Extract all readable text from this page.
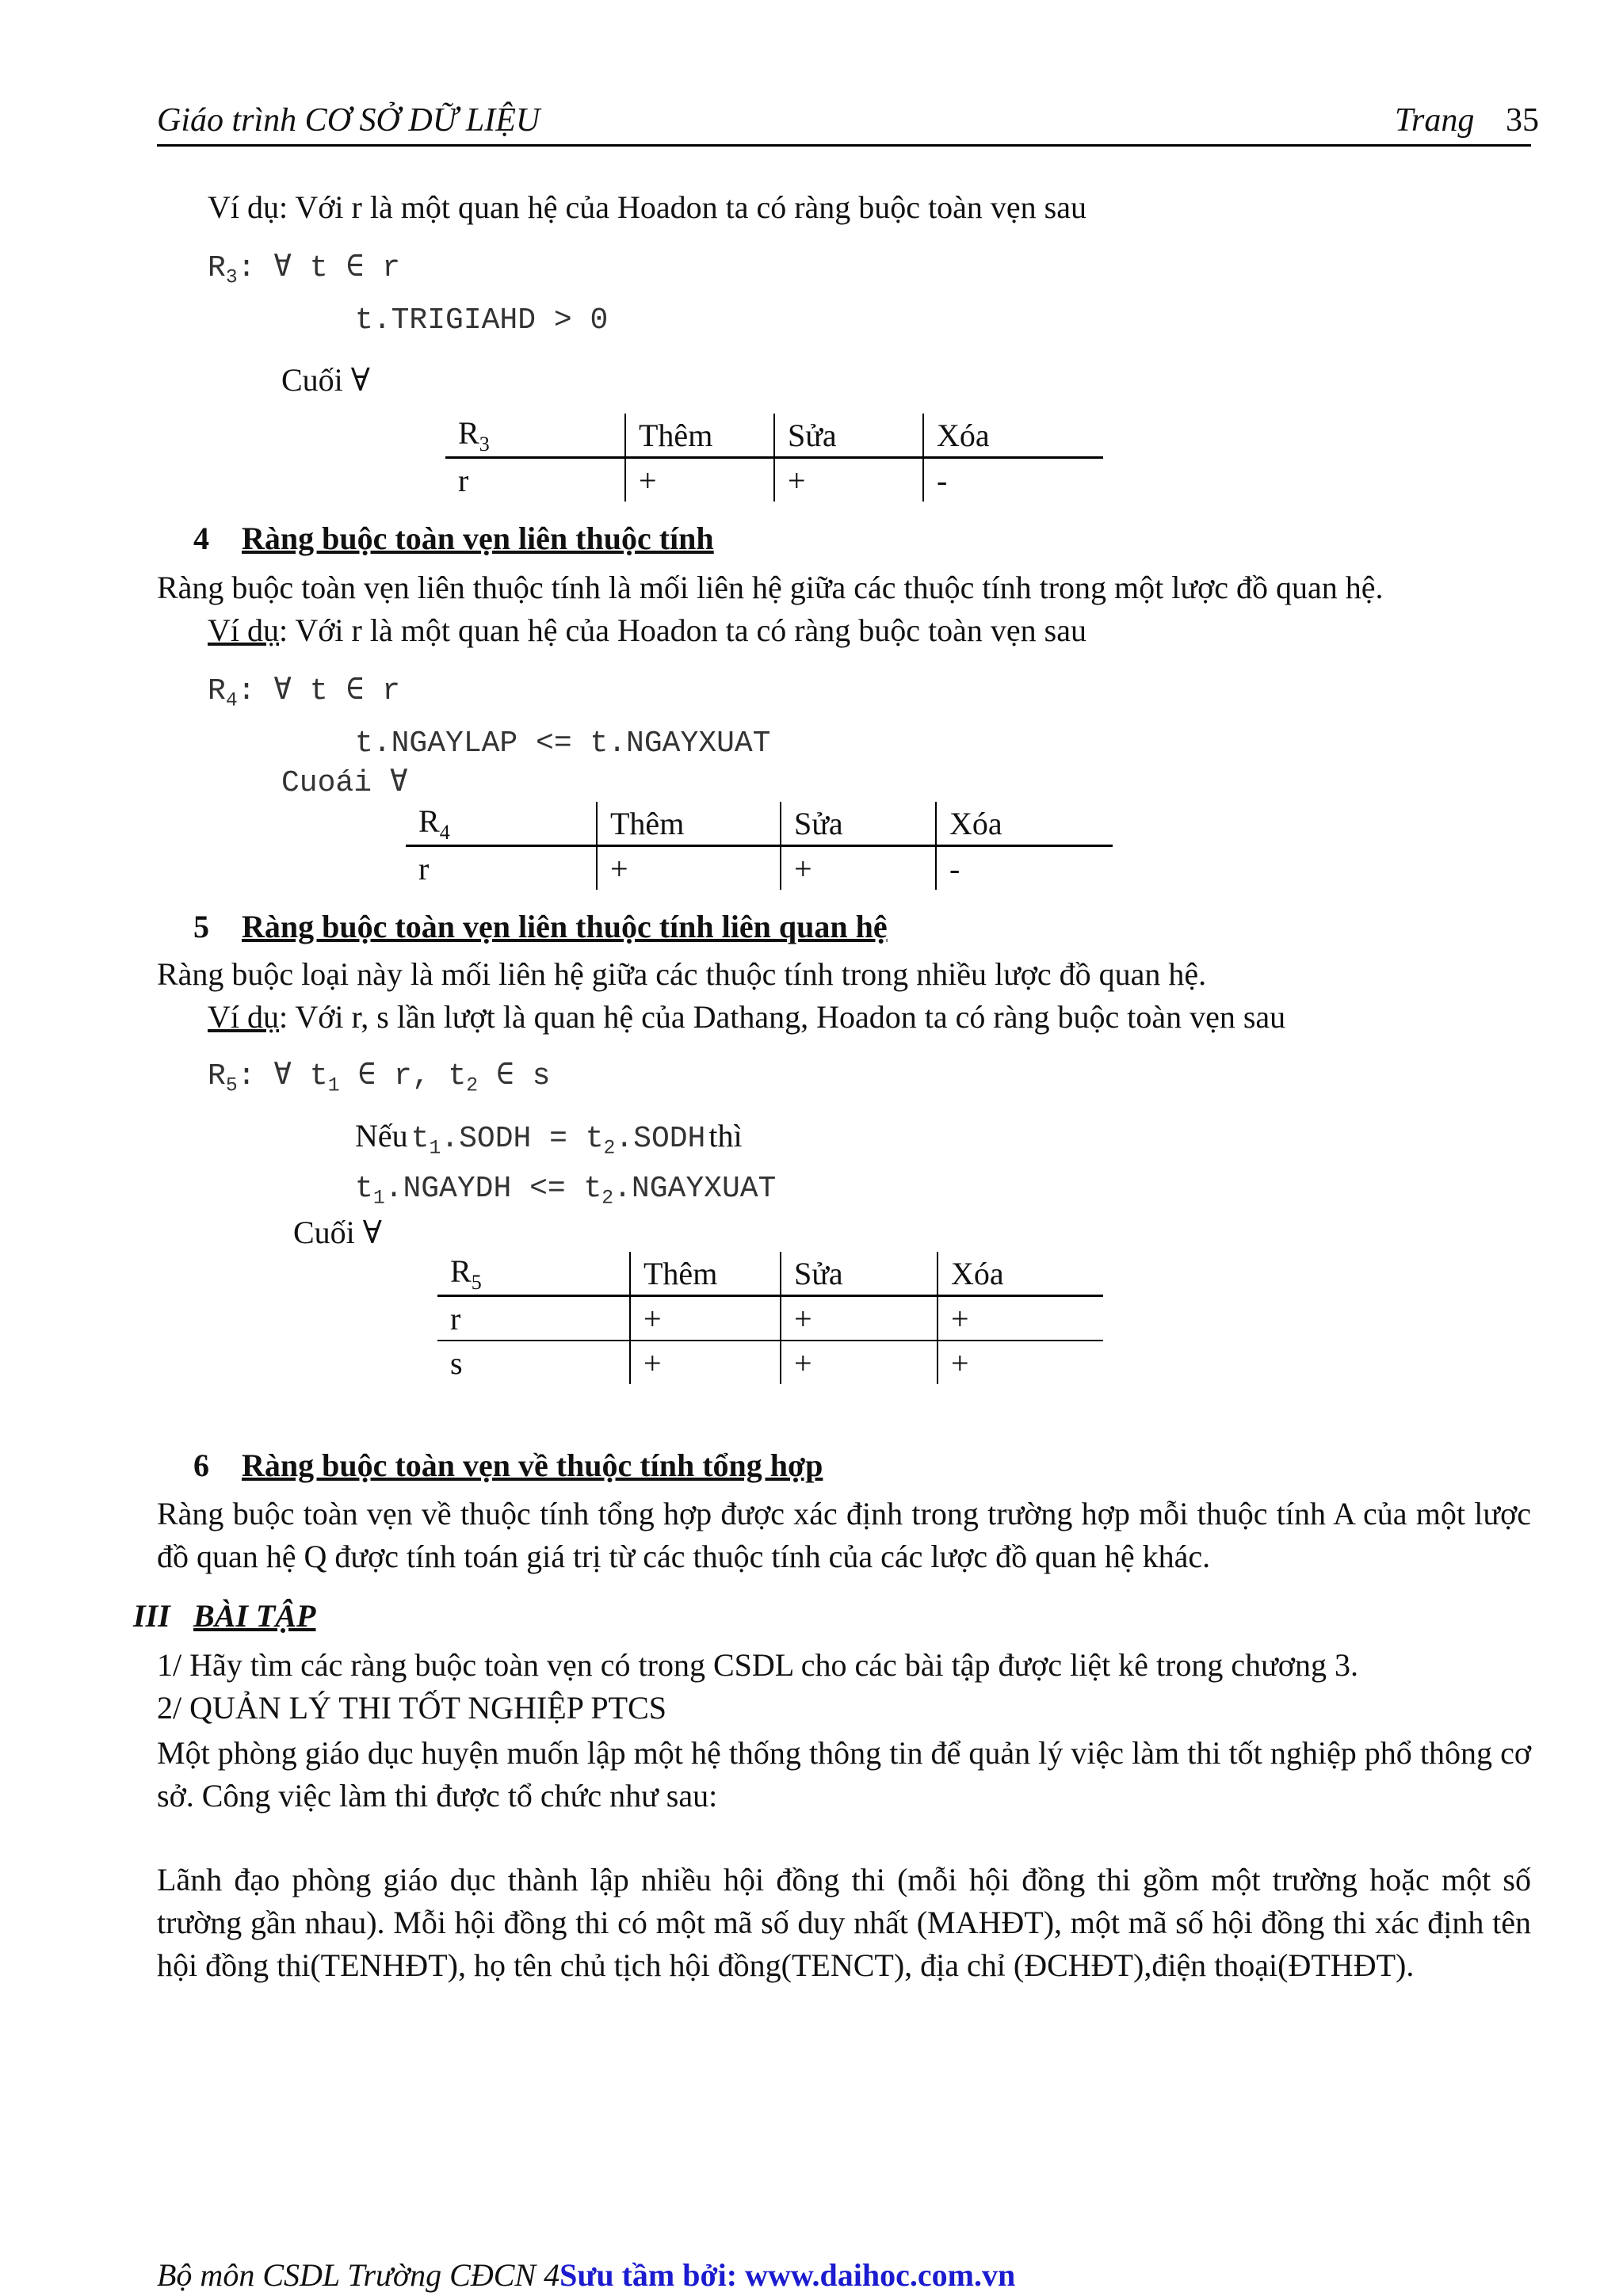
Giáo trình CƠ SỞ DỮ LIỆU	Trang 35
Ví dụ: Với r là một quan hệ của Hoadon ta có ràng buộc toàn vẹn sau
$R_3$: ∀ t ∈ r
t.TRIGIAHD > 0
Cuối ∀
$R_3$	Thêm	Sửa	Xóa
r	+	+	-
4 Ràng buộc toàn vẹn liên thuộc tính
Ràng buộc toàn vẹn liên thuộc tính là mối liên hệ giữa các thuộc tính trong một lược đồ quan hệ.
Ví dụ: Với r là một quan hệ của Hoadon ta có ràng buộc toàn vẹn sau
$R_4$: ∀ t ∈ r
t.NGAYLAP <= t.NGAYXUAT
Cuoái ∀
$R_4$	Thêm	Sửa	Xóa
r	+	+	-
5 Ràng buộc toàn vẹn liên thuộc tính liên quan hệ
Ràng buộc loại này là mối liên hệ giữa các thuộc tính trong nhiều lược đồ quan hệ.
Ví dụ: Với r, s lần lượt là quan hệ của Dathang, Hoadon ta có ràng buộc toàn vẹn sau
$R_5$: ∀ $t_1$ ∈ r, $t_2$ ∈ s
Nếu $t_1.SODH$ = $t_2.SODH$ thì
$t_1.NGAYDH$ <= $t_2.NGAYXUAT$
Cuối ∀
$R_5$	Thêm	Sửa	Xóa
r	+	+	+
s	+	+	+
6 Ràng buộc toàn vẹn về thuộc tính tổng hợp
Ràng buộc toàn vẹn về thuộc tính tổng hợp được xác định trong trường hợp mỗi thuộc tính A của một lược đồ quan hệ Q được tính toán giá trị từ các thuộc tính của các lược đồ quan hệ khác.
III BÀI TẬP
1/ Hãy tìm các ràng buộc toàn vẹn có trong CSDL cho các bài tập được liệt kê trong chương 3.
2/ QUẢN LÝ THI TỐT NGHIỆP PTCS
Một phòng giáo dục huyện muốn lập một hệ thống thông tin để quản lý việc làm thi tốt nghiệp phổ thông cơ sở. Công việc làm thi được tổ chức như sau:
Lãnh đạo phòng giáo dục thành lập nhiều hội đồng thi (mỗi hội đồng thi gồm một trường hoặc một số trường gần nhau). Mỗi hội đồng thi có một mã số duy nhất (MAHĐT), một mã số hội đồng thi xác định tên hội đồng thi(TENHĐT), họ tên chủ tịch hội đồng(TENCT), địa chỉ (ĐCHĐT),điện thoại(ĐTHĐT).
Bộ môn CSDL Trường CĐCN 4Sưu tầm bởi: www.daihoc.com.vn
